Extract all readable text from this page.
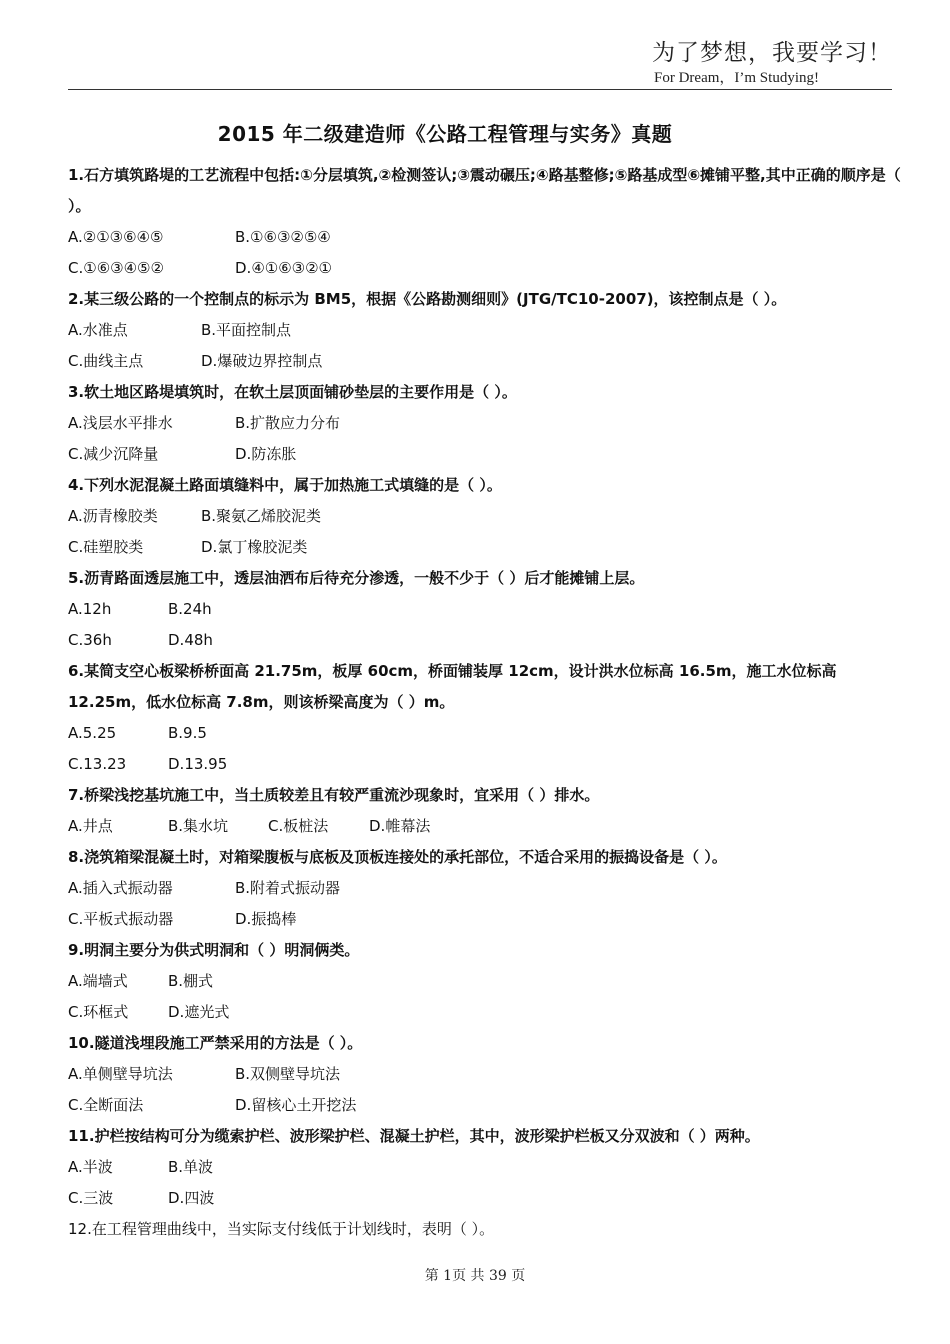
为了梦想，我要学习！
For Dream，I’m Studying!
2015 年二级建造师《公路工程管理与实务》真题
1.石方填筑路堤的工艺流程中包括:①分层填筑,②检测签认;③震动碾压;④路基整修;⑤路基成型⑥摊铺平整,其中正确的顺序是（ ）。
A.②①③⑥④⑤	B.①⑥③②⑤④
C.①⑥③④⑤②	D.④①⑥③②①
2.某三级公路的一个控制点的标示为 BM5，根据《公路勘测细则》(JTG/TC10-2007)，该控制点是（ ）。
A.水准点	B.平面控制点
C.曲线主点	D.爆破边界控制点
3.软土地区路堤填筑时，在软土层顶面铺砂垫层的主要作用是（ ）。
A.浅层水平排水	B.扩散应力分布
C.减少沉降量	D.防冻胀
4.下列水泥混凝土路面填缝料中，属于加热施工式填缝的是（ ）。
A.沥青橡胶类	B.聚氨乙烯胶泥类
C.硅塑胶类	D.氯丁橡胶泥类
5.沥青路面透层施工中，透层油洒布后待充分渗透，一般不少于（ ）后才能摊铺上层。
A.12h	B.24h
C.36h	D.48h
6.某简支空心板梁桥桥面高 21.75m，板厚 60cm，桥面铺装厚 12cm，设计洪水位标高 16.5m，施工水位标高 12.25m，低水位标高 7.8m，则该桥梁高度为（ ）m。
A.5.25	B.9.5
C.13.23	D.13.95
7.桥梁浅挖基坑施工中，当土质较差且有较严重流沙现象时，宜采用（ ）排水。
A.井点	B.集水坑	C.板桩法	D.帷幕法
8.浇筑箱梁混凝土时，对箱梁腹板与底板及顶板连接处的承托部位，不适合采用的振捣设备是（ ）。
A.插入式振动器	B.附着式振动器
C.平板式振动器	D.振捣棒
9.明洞主要分为供式明洞和（ ）明洞俩类。
A.端墙式	B.棚式
C.环框式	D.遮光式
10.隧道浅埋段施工严禁采用的方法是（ ）。
A.单侧壁导坑法	B.双侧壁导坑法
C.全断面法	D.留核心土开挖法
11.护栏按结构可分为缆索护栏、波形梁护栏、混凝土护栏，其中，波形梁护栏板又分双波和（ ）两种。
A.半波	B.单波
C.三波	D.四波
12.在工程管理曲线中，当实际支付线低于计划线时，表明（ ）。
第 1页 共 39 页
